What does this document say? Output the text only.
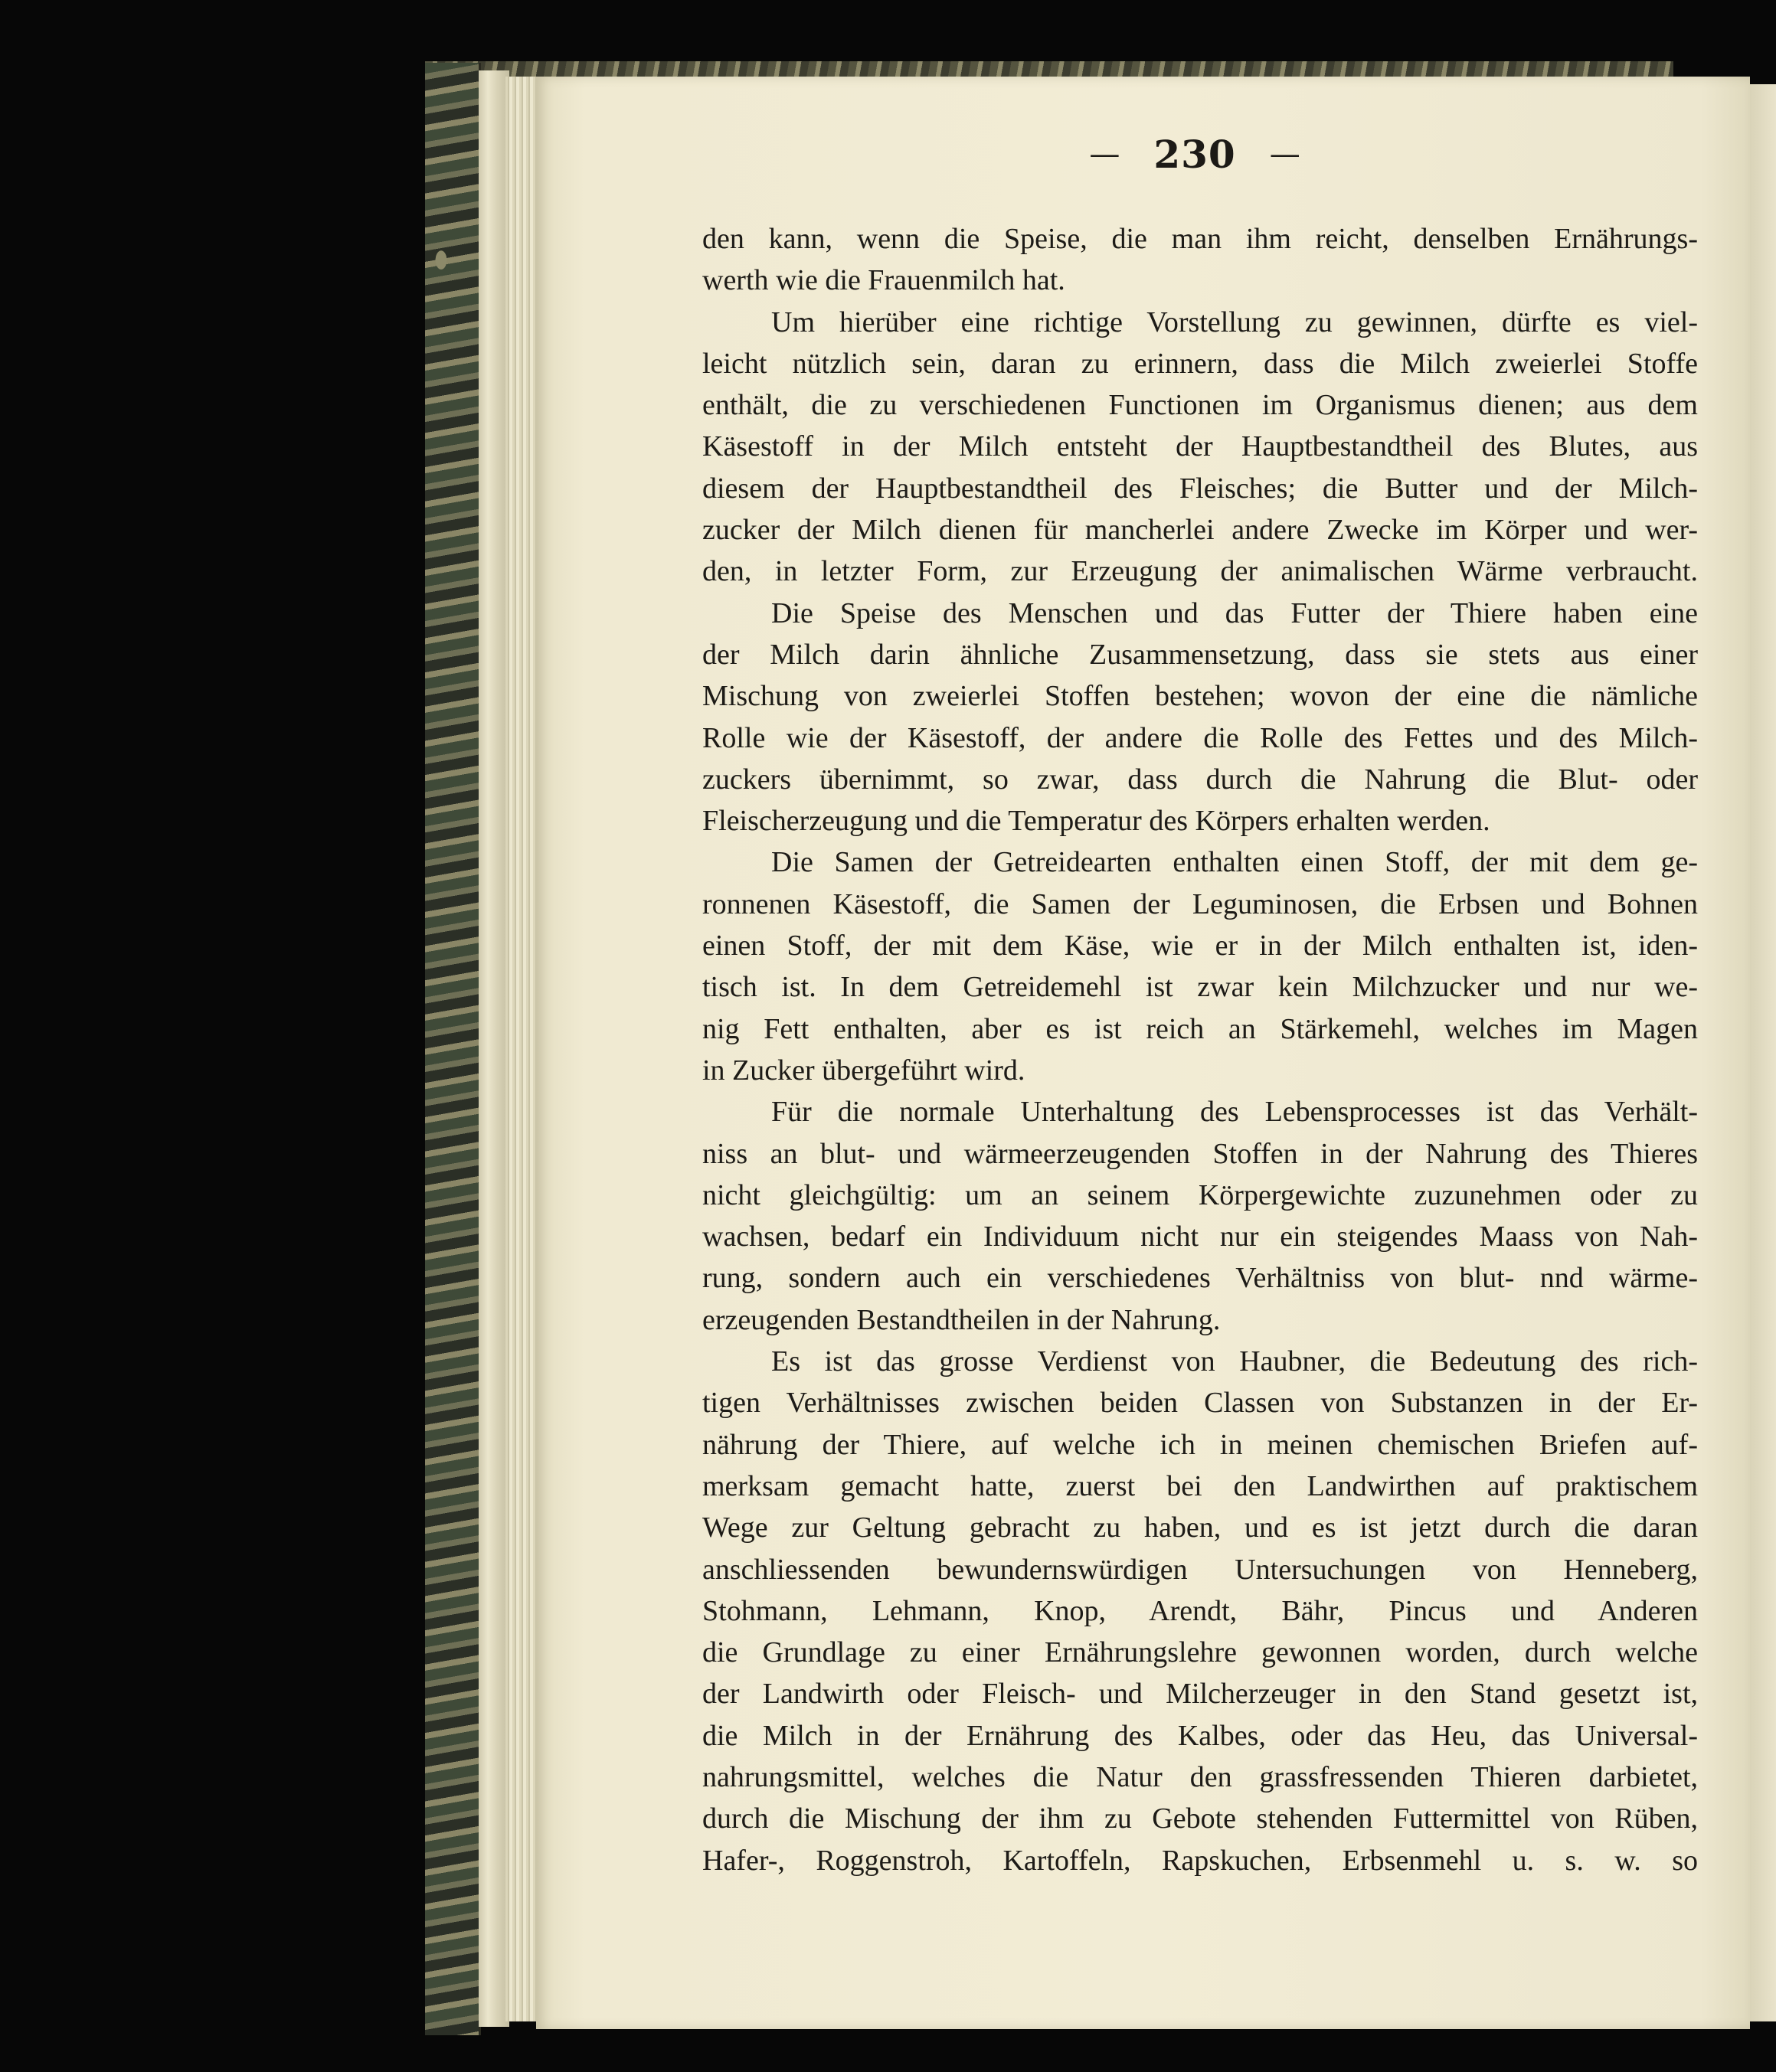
— 230 —
den kann, wenn die Speise, die man ihm reicht, denselben Ernährungs-
werth wie die Frauenmilch hat.
Um hierüber eine richtige Vorstellung zu gewinnen, dürfte es viel-
leicht nützlich sein, daran zu erinnern, dass die Milch zweierlei Stoffe
enthält, die zu verschiedenen Functionen im Organismus dienen; aus dem
Käsestoff in der Milch entsteht der Hauptbestandtheil des Blutes, aus
diesem der Hauptbestandtheil des Fleisches; die Butter und der Milch-
zucker der Milch dienen für mancherlei andere Zwecke im Körper und wer-
den, in letzter Form, zur Erzeugung der animalischen Wärme verbraucht.
Die Speise des Menschen und das Futter der Thiere haben eine
der Milch darin ähnliche Zusammensetzung, dass sie stets aus einer
Mischung von zweierlei Stoffen bestehen; wovon der eine die nämliche
Rolle wie der Käsestoff, der andere die Rolle des Fettes und des Milch-
zuckers übernimmt, so zwar, dass durch die Nahrung die Blut- oder
Fleischerzeugung und die Temperatur des Körpers erhalten werden.
Die Samen der Getreidearten enthalten einen Stoff, der mit dem ge-
ronnenen Käsestoff, die Samen der Leguminosen, die Erbsen und Bohnen
einen Stoff, der mit dem Käse, wie er in der Milch enthalten ist, iden-
tisch ist. In dem Getreidemehl ist zwar kein Milchzucker und nur we-
nig Fett enthalten, aber es ist reich an Stärkemehl, welches im Magen
in Zucker übergeführt wird.
Für die normale Unterhaltung des Lebensprocesses ist das Verhält-
niss an blut- und wärmeerzeugenden Stoffen in der Nahrung des Thieres
nicht gleichgültig: um an seinem Körpergewichte zuzunehmen oder zu
wachsen, bedarf ein Individuum nicht nur ein steigendes Maass von Nah-
rung, sondern auch ein verschiedenes Verhältniss von blut- nnd wärme-
erzeugenden Bestandtheilen in der Nahrung.
Es ist das grosse Verdienst von Haubner, die Bedeutung des rich-
tigen Verhältnisses zwischen beiden Classen von Substanzen in der Er-
nährung der Thiere, auf welche ich in meinen chemischen Briefen auf-
merksam gemacht hatte, zuerst bei den Landwirthen auf praktischem
Wege zur Geltung gebracht zu haben, und es ist jetzt durch die daran
anschliessenden bewundernswürdigen Untersuchungen von Henneberg,
Stohmann, Lehmann, Knop, Arendt, Bähr, Pincus und Anderen
die Grundlage zu einer Ernährungslehre gewonnen worden, durch welche
der Landwirth oder Fleisch- und Milcherzeuger in den Stand gesetzt ist,
die Milch in der Ernährung des Kalbes, oder das Heu, das Universal-
nahrungsmittel, welches die Natur den grassfressenden Thieren darbietet,
durch die Mischung der ihm zu Gebote stehenden Futtermittel von Rüben,
Hafer-, Roggenstroh, Kartoffeln, Rapskuchen, Erbsenmehl u. s. w. so
